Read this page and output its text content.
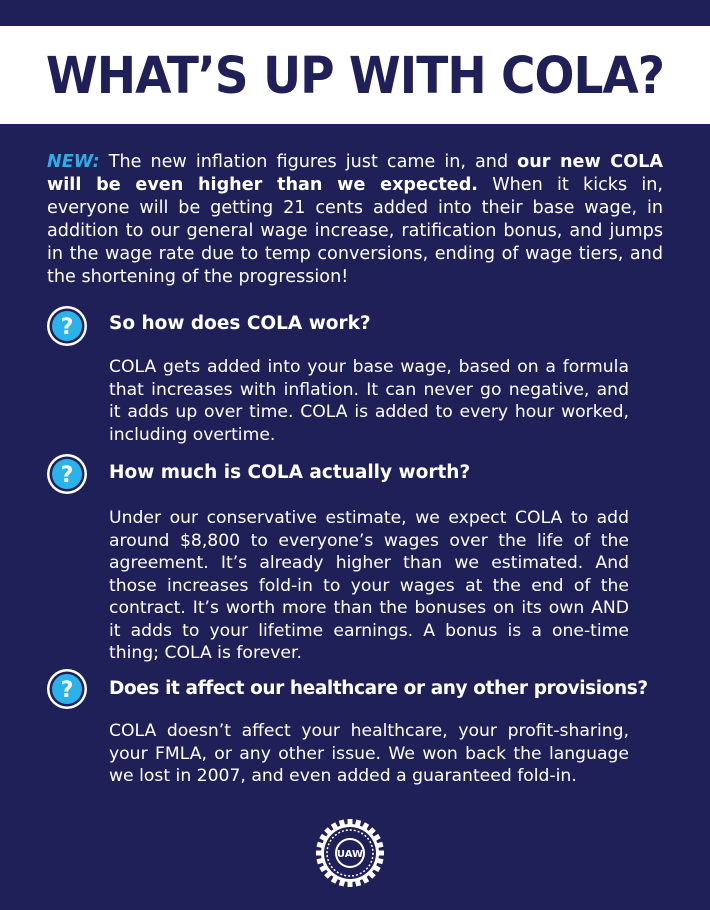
WHAT’S UP WITH COLA?

NEW: The new inflation figures just came in, and our new COLA will be even higher than we expected. When it kicks in, everyone will be getting 21 cents added into their base wage, in addition to our general wage increase, ratification bonus, and jumps in the wage rate due to temp conversions, ending of wage tiers, and the shortening of the progression!

? So how does COLA work?

COLA gets added into your base wage, based on a formula that increases with inflation. It can never go negative, and it adds up over time. COLA is added to every hour worked, including overtime.

? How much is COLA actually worth?

Under our conservative estimate, we expect COLA to add around $8,800 to everyone’s wages over the life of the agreement. It’s already higher than we estimated. And those increases fold-in to your wages at the end of the contract. It’s worth more than the bonuses on its own AND it adds to your lifetime earnings. A bonus is a one-time thing; COLA is forever.

? Does it affect our healthcare or any other provisions?

COLA doesn’t affect your healthcare, your profit-sharing, your FMLA, or any other issue. We won back the language we lost in 2007, and even added a guaranteed fold-in.

UAW
